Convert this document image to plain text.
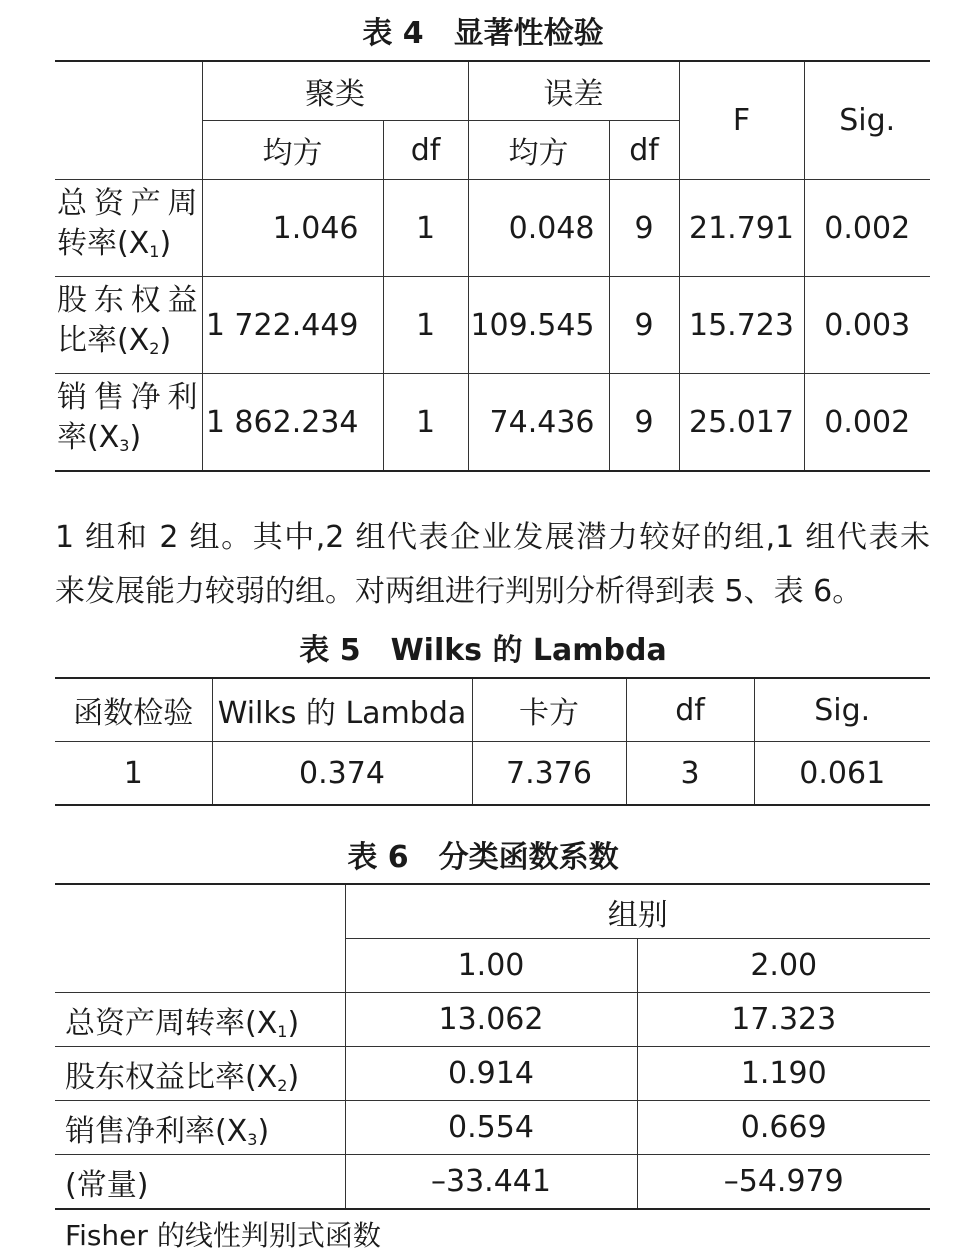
表 4 显著性检验
	聚类		误差		F	Sig.
	均方	df	均方	df		

总资产周
转率$(X_1)$	1.046	1	0.048	9	21.791	0.002

股东权益
比率$(X_2)$	1 722.449	1	109.545	9	15.723	0.003

销售净利
率$(X_3)$	1 862.234	1	74.436	9	25.017	0.002
1 组和 2 组。其中,2 组代表企业发展潜力较好的组,1 组代表未
来发展能力较弱的组。对两组进行判别分析得到表 5、表 6。
表 5 Wilks 的 Lambda
函数检验	Wilks 的 Lambda	卡方	df	Sig.
1	0.374	7.376	3	0.061
表 6 分类函数系数
	组别	
	1.00	2.00
总资产周转率$(X_1)$	13.062	17.323
股东权益比率$(X_2)$	0.914	1.190
销售净利率$(X_3)$	0.554	0.669
(常量)	–33.441	–54.979
Fisher 的线性判别式函数
